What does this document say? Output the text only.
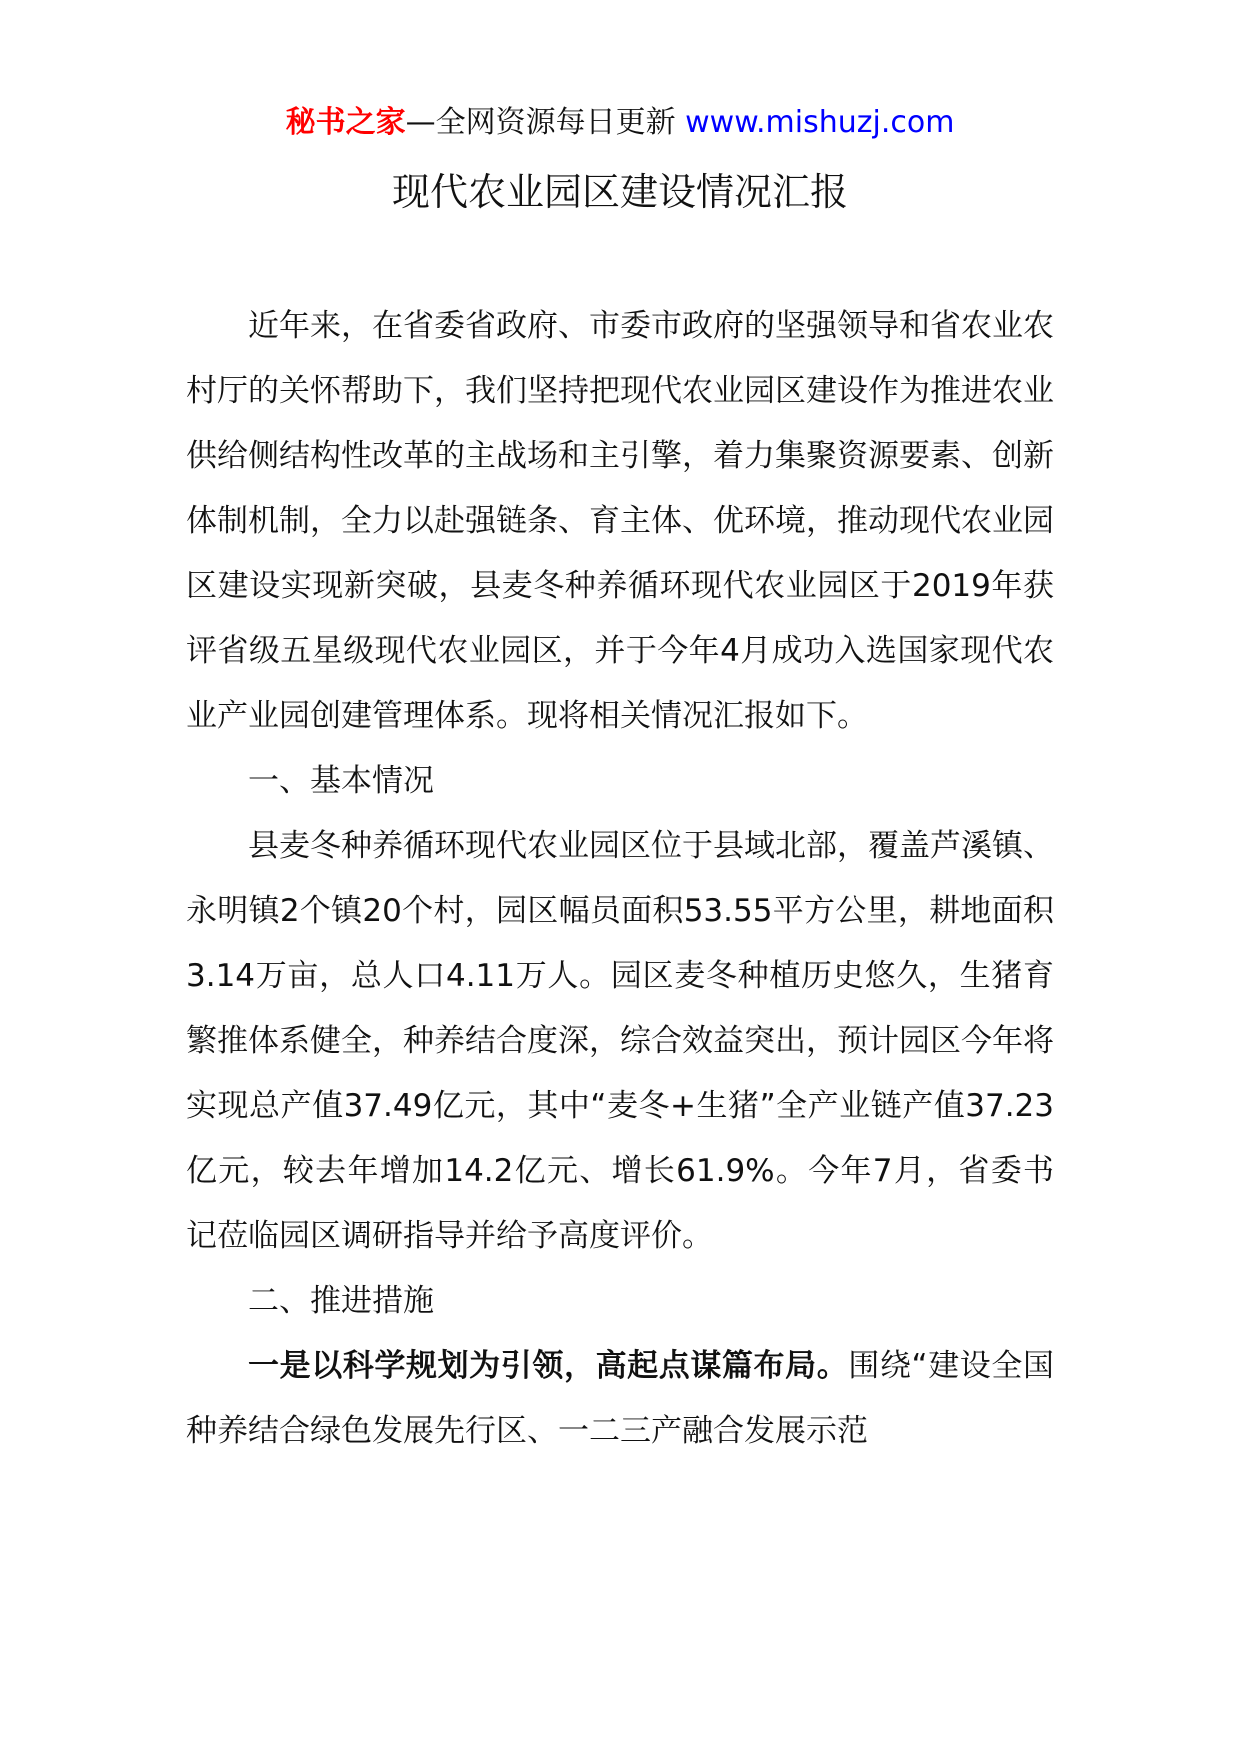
秘书之家—全网资源每日更新 www.mishuzj.com
现代农业园区建设情况汇报

近年来，在省委省政府、市委市政府的坚强领导和省农业农村厅的关怀帮助下，我们坚持把现代农业园区建设作为推进农业供给侧结构性改革的主战场和主引擎，着力集聚资源要素、创新体制机制，全力以赴强链条、育主体、优环境，推动现代农业园区建设实现新突破，县麦冬种养循环现代农业园区于2019年获评省级五星级现代农业园区，并于今年4月成功入选国家现代农业产业园创建管理体系。现将相关情况汇报如下。

一、基本情况

县麦冬种养循环现代农业园区位于县域北部，覆盖芦溪镇、永明镇2个镇20个村，园区幅员面积53.55平方公里，耕地面积3.14万亩，总人口4.11万人。园区麦冬种植历史悠久，生猪育繁推体系健全，种养结合度深，综合效益突出，预计园区今年将实现总产值37.49亿元，其中“麦冬+生猪”全产业链产值37.23亿元，较去年增加14.2亿元、增长61.9%。今年7月，省委书记莅临园区调研指导并给予高度评价。

二、推进措施

一是以科学规划为引领，高起点谋篇布局。围绕“建设全国种养结合绿色发展先行区、一二三产融合发展示范
